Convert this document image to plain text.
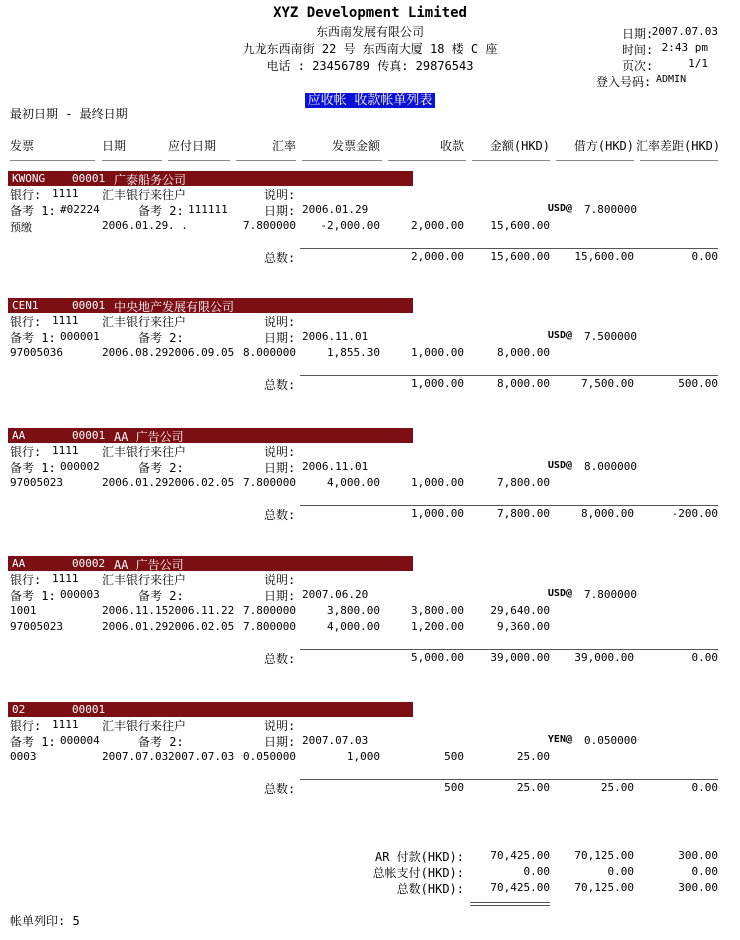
XYZ Development Limited
东西南发展有限公司
九龙东西南街 22 号 东西南大厦 18 楼 C 座
电话 : 23456789 传真: 29876543
日期:
2007.07.03
时间: 2:43 pm
页次:	1/1
登入号码: ADMIN
应收帐 收款帐单列表
最初日期 - 最终日期
发票	日期	应付日期	汇率	发票金额	收款	金额(HKD)	借方(HKD) 汇率差距(HKD)
KWONG 00001 广泰船务公司
银行: 1111 汇丰银行来往户	说明:
备考 1: #02224	备考 2: 111111	日期: 2006.01.29	USD@ 7.800000
预缴	2006.01.29 . .	7.800000	-2,000.00	2,000.00	15,600.00
总数:	2,000.00	15,600.00	15,600.00	0.00
CEN1	00001 中央地产发展有限公司
银行: 1111 汇丰银行来往户	说明:
备考 1: 000001	备考 2:	日期: 2006.11.01	USD@ 7.500000
97005036	2006.08.29 2006.09.05 8.000000	1,855.30	1,000.00	8,000.00
总数:	1,000.00	8,000.00	7,500.00	500.00
AA	00001 AA 广告公司
银行: 1111 汇丰银行来往户	说明:
备考 1: 000002	备考 2:	日期: 2006.11.01	USD@ 8.000000
97005023	2006.01.29 2006.02.05 7.800000	4,000.00	1,000.00	7,800.00
总数:	1,000.00	7,800.00	8,000.00	-200.00
AA	00002 AA 广告公司
银行: 1111 汇丰银行来往户	说明:
备考 1: 000003	备考 2:	日期: 2007.06.20	USD@ 7.800000
1001	2006.11.15 2006.11.22 7.800000	3,800.00	3,800.00	29,640.00
97005023	2006.01.29 2006.02.05 7.800000	4,000.00	1,200.00	9,360.00
总数:	5,000.00	39,000.00	39,000.00	0.00
02	00001
银行: 1111 汇丰银行来往户	说明:
备考 1: 000004	备考 2:	日期: 2007.07.03	YEN@ 0.050000
0003	2007.07.03 2007.07.03 0.050000	1,000	500	25.00
总数:	500	25.00	25.00	0.00
AR 付款(HKD):	70,425.00	70,125.00	300.00
总帐支付(HKD):	0.00	0.00	0.00
总数(HKD):	70,425.00	70,125.00	300.00
帐单列印: 5
